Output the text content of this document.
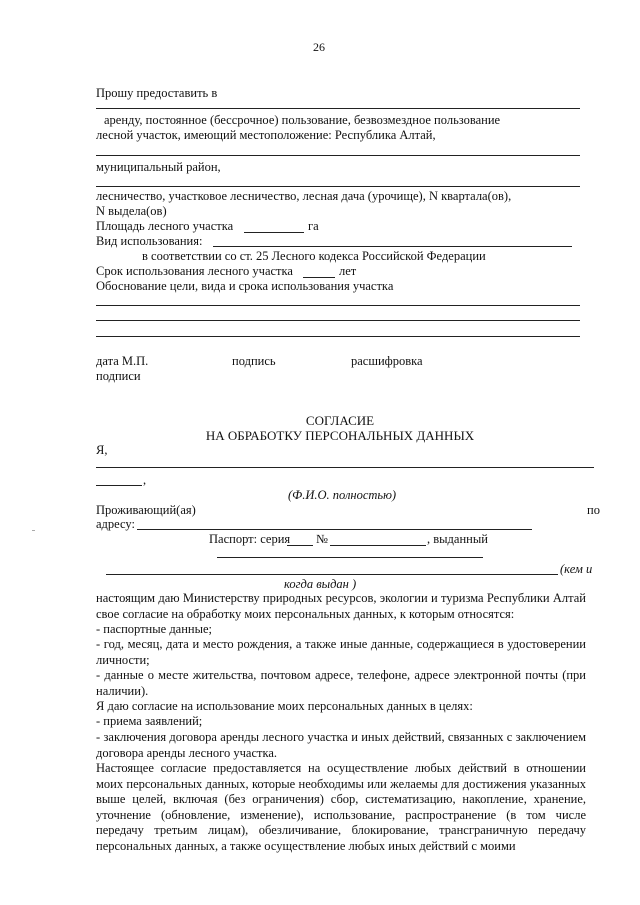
26
Прошу предоставить в
аренду, постоянное (бессрочное) пользование, безвозмездное пользование
лесной участок, имеющий местоположение: Республика Алтай,
муниципальный район,
лесничество, участковое лесничество, лесная дача (урочище), N квартала(ов),
N выдела(ов)
Площадь лесного участка	га
Вид использования:
в соответствии со ст. 25 Лесного кодекса Российской Федерации
Срок использования лесного участка	лет
Обоснование цели, вида и срока использования участка
дата М.П.	подпись	расшифровка
подписи
СОГЛАСИЕ
НА ОБРАБОТКУ ПЕРСОНАЛЬНЫХ ДАННЫХ
Я,
,
(Ф.И.О. полностью)
Проживающий(ая)	по
адресу:
Паспорт: серия №	, выданный
(кем и
когда выдан )
настоящим даю Министерству природных ресурсов, экологии и туризма Республики Алтай свое согласие на обработку моих персональных данных, к которым относятся:
- паспортные данные;
- год, месяц, дата и место рождения, а также иные данные, содержащиеся в удостоверении личности;
- данные о месте жительства, почтовом адресе, телефоне, адресе электронной почты (при наличии).
Я даю согласие на использование моих персональных данных в целях:
- приема заявлений;
- заключения договора аренды лесного участка и иных действий, связанных с заключением договора аренды лесного участка.
Настоящее согласие предоставляется на осуществление любых действий в отношении моих персональных данных, которые необходимы или желаемы для достижения указанных выше целей, включая (без ограничения) сбор, систематизацию, накопление, хранение, уточнение (обновление, изменение), использование, распространение (в том числе передачу третьим лицам), обезличивание, блокирование, трансграничную передачу персональных данных, а также осуществление любых иных действий с моими
